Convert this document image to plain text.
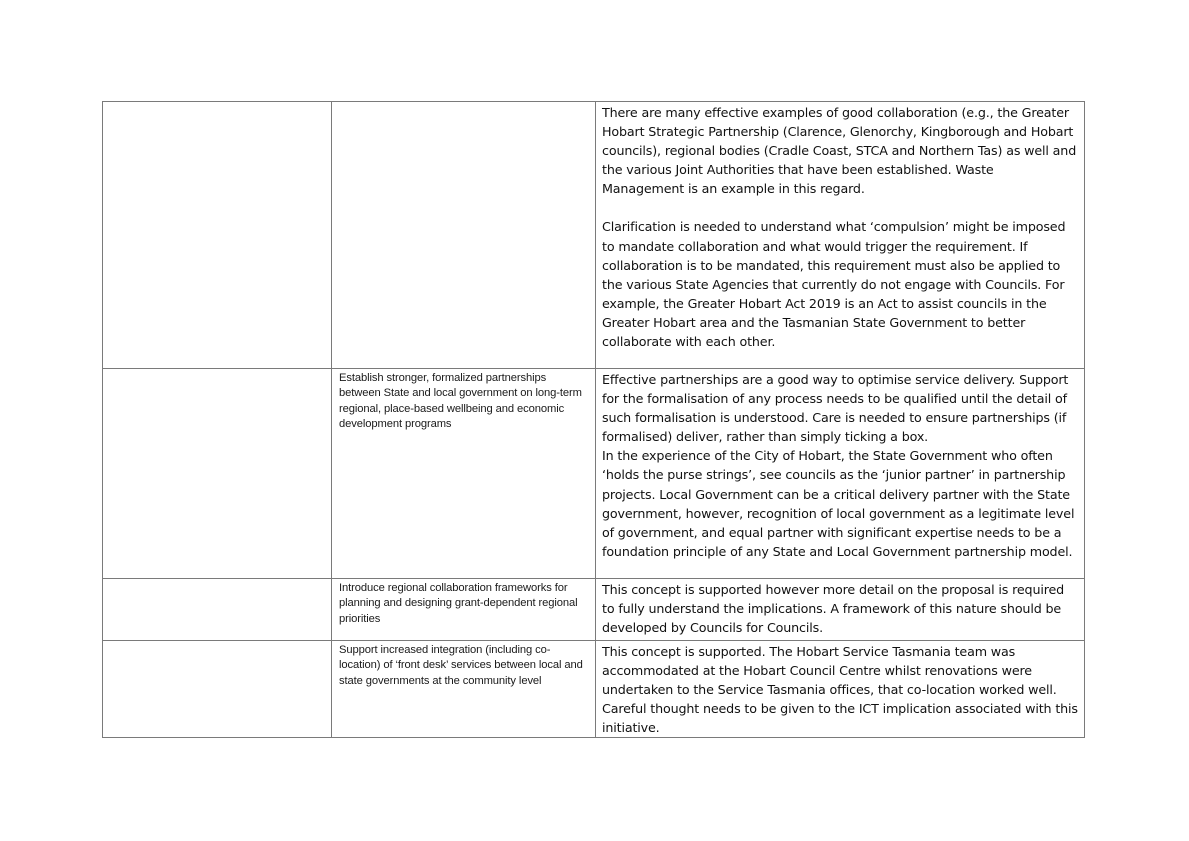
		There are many effective examples of good collaboration (e.g., the Greater Hobart Strategic Partnership (Clarence, Glenorchy, Kingborough and Hobart councils), regional bodies (Cradle Coast, STCA and Northern Tas) as well and the various Joint Authorities that have been established. Waste Management is an example in this regard.

Clarification is needed to understand what ‘compulsion’ might be imposed to mandate collaboration and what would trigger the requirement. If collaboration is to be mandated, this requirement must also be applied to the various State Agencies that currently do not engage with Councils. For example, the Greater Hobart Act 2019 is an Act to assist councils in the Greater Hobart area and the Tasmanian State Government to better collaborate with each other.

	Establish stronger, formalized partnerships between State and local government on long-term regional, place-based wellbeing and economic development programs	Effective partnerships are a good way to optimise service delivery. Support for the formalisation of any process needs to be qualified until the detail of such formalisation is understood. Care is needed to ensure partnerships (if formalised) deliver, rather than simply ticking a box.

In the experience of the City of Hobart, the State Government who often ‘holds the purse strings’, see councils as the ‘junior partner’ in partnership projects. Local Government can be a critical delivery partner with the State government, however, recognition of local government as a legitimate level of government, and equal partner with significant expertise needs to be a foundation principle of any State and Local Government partnership model.

	Introduce regional collaboration frameworks for planning and designing grant-dependent regional priorities	This concept is supported however more detail on the proposal is required to fully understand the implications. A framework of this nature should be developed by Councils for Councils.

	Support increased integration (including co-location) of ‘front desk’ services between local and state governments at the community level	This concept is supported. The Hobart Service Tasmania team was accommodated at the Hobart Council Centre whilst renovations were undertaken to the Service Tasmania offices, that co-location worked well. Careful thought needs to be given to the ICT implication associated with this initiative.
